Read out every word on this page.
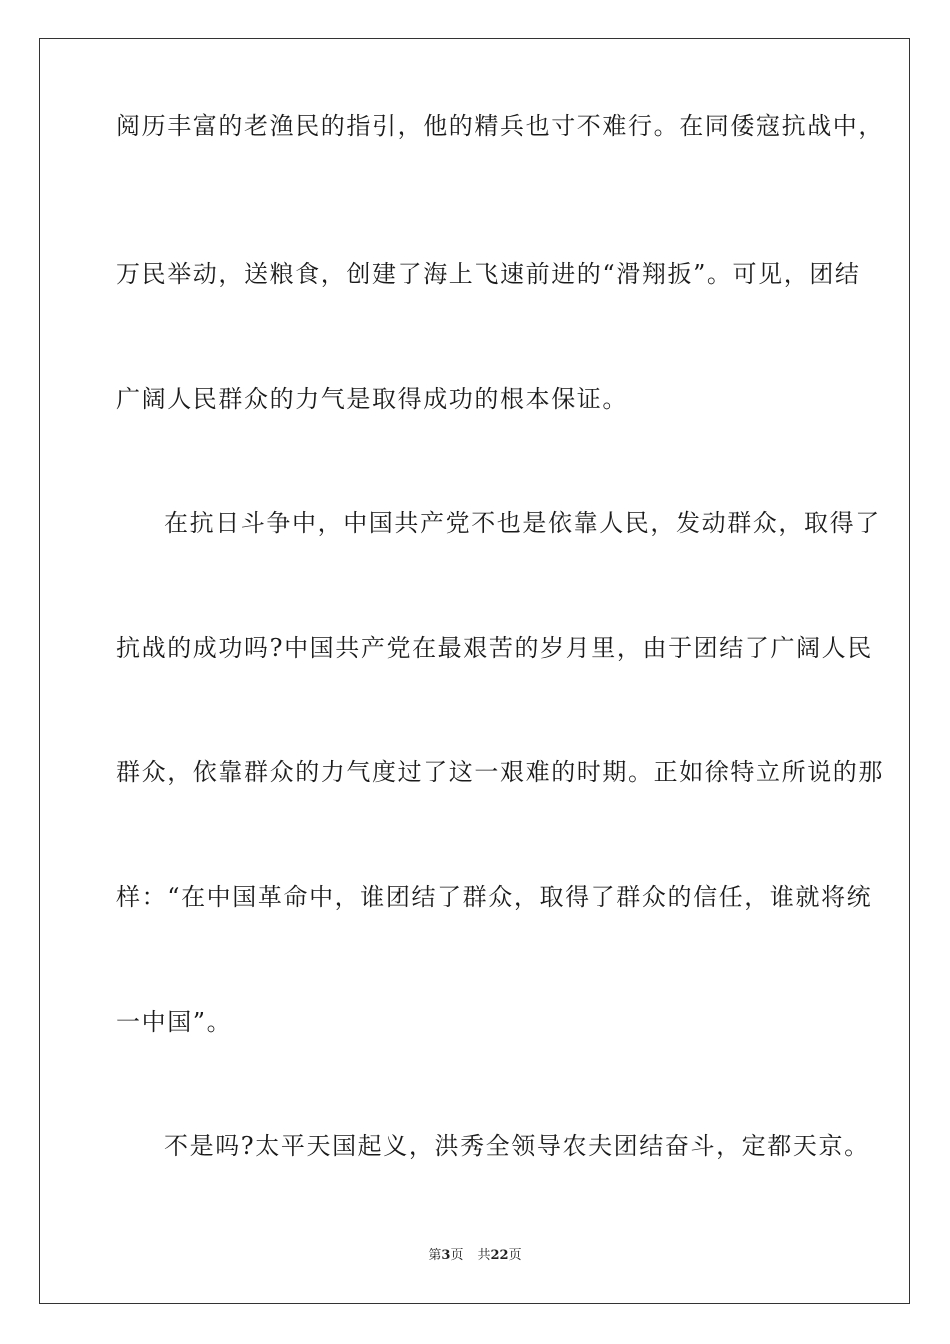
阅历丰富的老渔民的指引，他的精兵也寸不难行。在同倭寇抗战中，
万民举动，送粮食，创建了海上飞速前进的“滑翔扳”。可见，团结
广阔人民群众的力气是取得成功的根本保证。
在抗日斗争中，中国共产党不也是依靠人民，发动群众，取得了
抗战的成功吗?中国共产党在最艰苦的岁月里，由于团结了广阔人民
群众，依靠群众的力气度过了这一艰难的时期。正如徐特立所说的那
样：“在中国革命中，谁团结了群众，取得了群众的信任，谁就将统
一中国”。
不是吗?太平天国起义，洪秀全领导农夫团结奋斗，定都天京。
第3页 共22页
